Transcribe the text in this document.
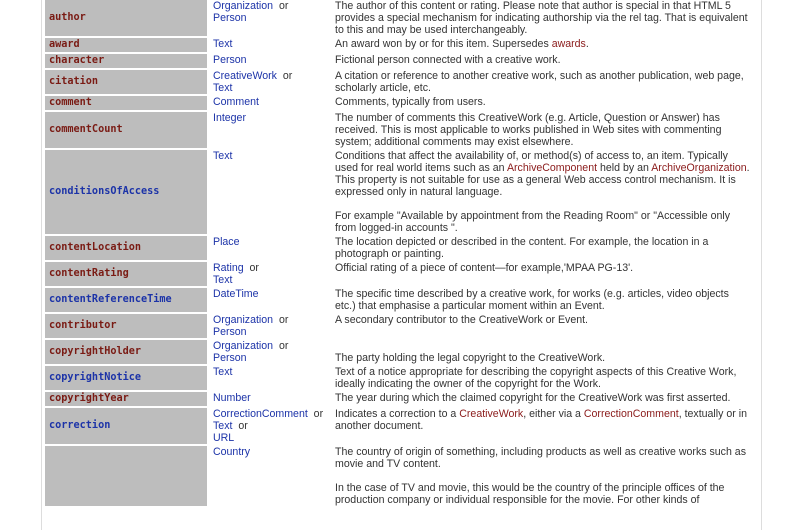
author	Organization  or
Person	The author of this content or rating. Please note that author is special in that HTML 5 provides a special mechanism for indicating authorship via the rel tag. That is equivalent to this and may be used interchangeably.

award	Text	An award won by or for this item. Supersedes awards.

character	Person	Fictional person connected with a creative work.

citation	CreativeWork  or
Text	A citation or reference to another creative work, such as another publication, web page, scholarly article, etc.

comment	Comment	Comments, typically from users.

commentCount	Integer	The number of comments this CreativeWork (e.g. Article, Question or Answer) has received. This is most applicable to works published in Web sites with commenting system; additional comments may exist elsewhere.

conditionsOfAccess	Text	Conditions that affect the availability of, or method(s) of access to, an item. Typically used for real world items such as an ArchiveComponent held by an ArchiveOrganization. This property is not suitable for use as a general Web access control mechanism. It is expressed only in natural language.
For example "Available by appointment from the Reading Room" or "Accessible only from logged-in accounts ".

contentLocation	Place	The location depicted or described in the content. For example, the location in a photograph or painting.

contentRating	Rating  or
Text	Official rating of a piece of content—for example,'MPAA PG-13'.

contentReferenceTime	DateTime	The specific time described by a creative work, for works (e.g. articles, video objects etc.) that emphasise a particular moment within an Event.

contributor	Organization  or
Person	A secondary contributor to the CreativeWork or Event.

copyrightHolder	Organization  or
Person	The party holding the legal copyright to the CreativeWork.

copyrightNotice	Text	Text of a notice appropriate for describing the copyright aspects of this Creative Work, ideally indicating the owner of the copyright for the Work.

copyrightYear	Number	The year during which the claimed copyright for the CreativeWork was first asserted.

correction	CorrectionComment  or
Text  or
URL	Indicates a correction to a CreativeWork, either via a CorrectionComment, textually or in another document.

	Country	The country of origin of something, including products as well as creative works such as movie and TV content.
In the case of TV and movie, this would be the country of the principle offices of the production company or individual responsible for the movie. For other kinds of
